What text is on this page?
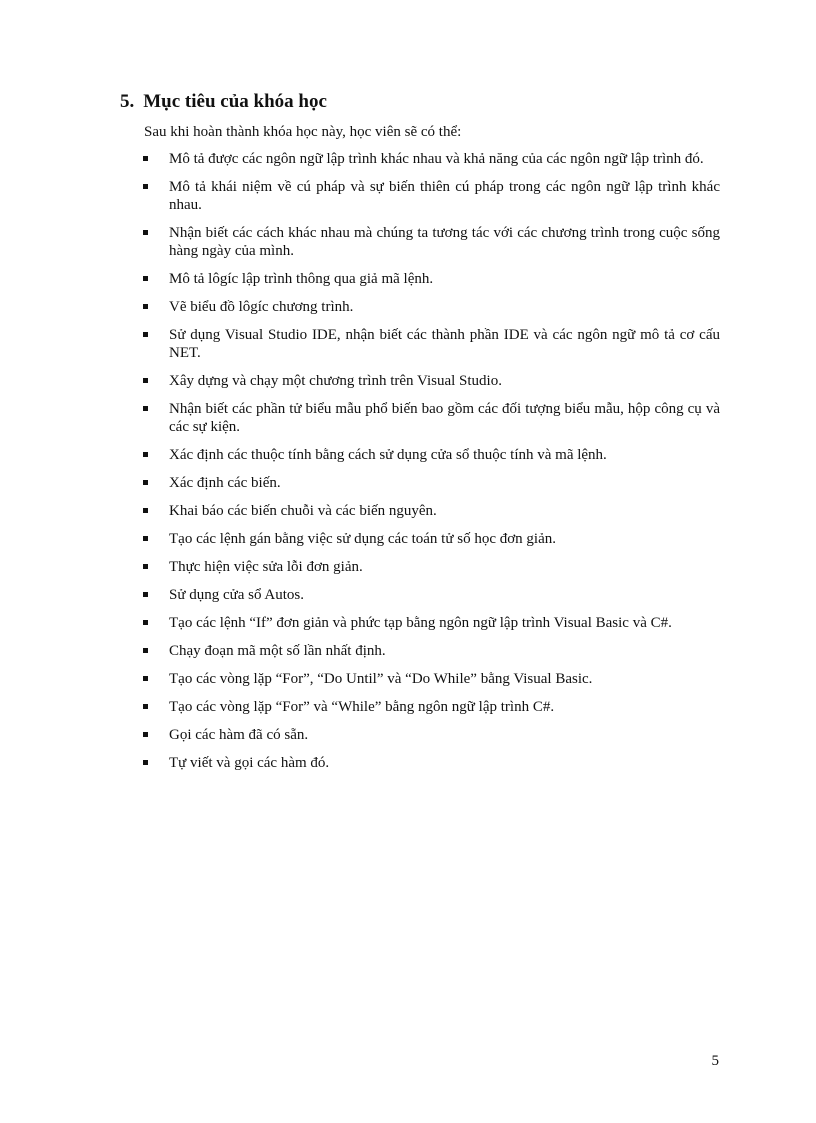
5. Mục tiêu của khóa học
Sau khi hoàn thành khóa học này, học viên sẽ có thể:
Mô tả được các ngôn ngữ lập trình khác nhau và khả năng của các ngôn ngữ lập trình đó.
Mô tả khái niệm về cú pháp và sự biến thiên cú pháp trong các ngôn ngữ lập trình khác nhau.
Nhận biết các cách khác nhau mà chúng ta tương tác với các chương trình trong cuộc sống hàng ngày của mình.
Mô tả lôgíc lập trình thông qua giả mã lệnh.
Vẽ biểu đồ lôgíc chương trình.
Sử dụng Visual Studio IDE, nhận biết các thành phần IDE và các ngôn ngữ mô tả cơ cấu NET.
Xây dựng và chạy một chương trình trên Visual Studio.
Nhận biết các phần tử biểu mẫu phổ biến bao gồm các đối tượng biểu mẫu, hộp công cụ và các sự kiện.
Xác định các thuộc tính bằng cách sử dụng cửa sổ thuộc tính và mã lệnh.
Xác định các biến.
Khai báo các biến chuỗi và các biến nguyên.
Tạo các lệnh gán bằng việc sử dụng các toán tử số học đơn giản.
Thực hiện việc sửa lỗi đơn giản.
Sử dụng cửa sổ Autos.
Tạo các lệnh “If” đơn giản và phức tạp bằng ngôn ngữ lập trình Visual Basic và C#.
Chạy đoạn mã một số lần nhất định.
Tạo các vòng lặp “For”, “Do Until” và “Do While” bằng Visual Basic.
Tạo các vòng lặp “For” và “While” bằng ngôn ngữ lập trình C#.
Gọi các hàm đã có sẵn.
Tự viết và gọi các hàm đó.
5
